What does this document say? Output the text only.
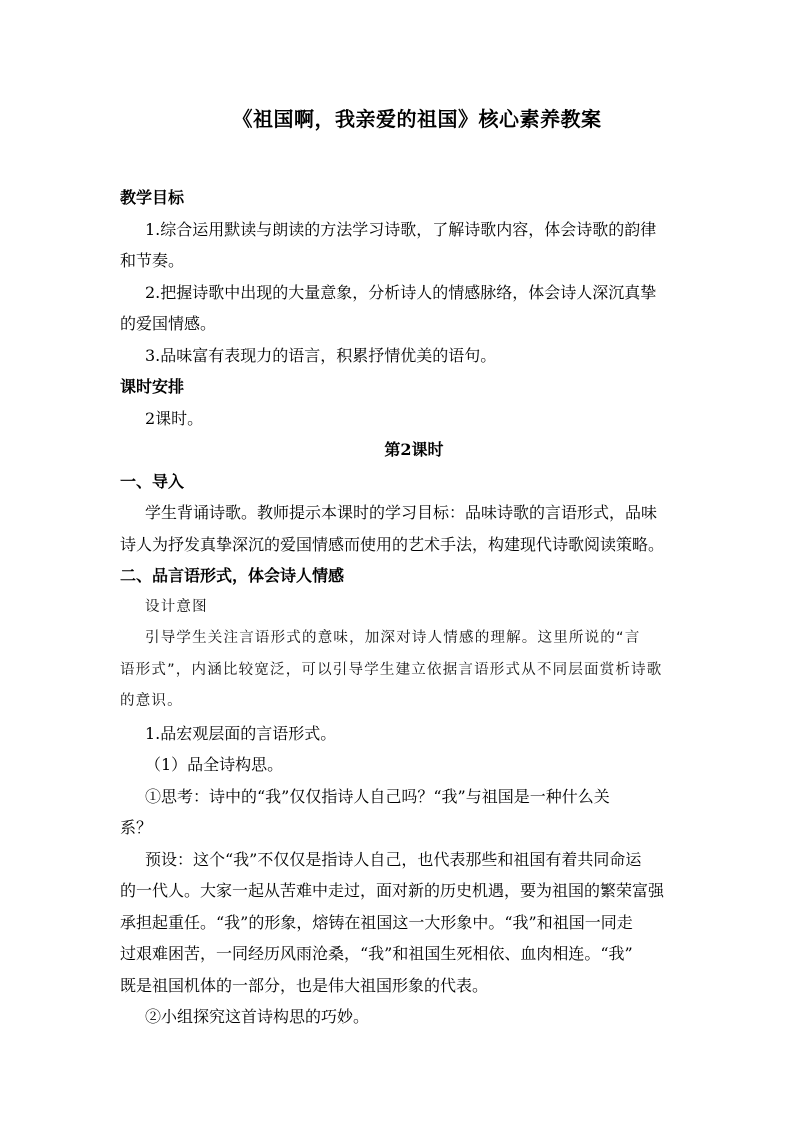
《祖国啊，我亲爱的祖国》核心素养教案
教学目标
1.综合运用默读与朗读的方法学习诗歌，了解诗歌内容，体会诗歌的韵律
和节奏。
2.把握诗歌中出现的大量意象，分析诗人的情感脉络，体会诗人深沉真挚
的爱国情感。
3.品味富有表现力的语言，积累抒情优美的语句。
课时安排
2课时。
第2课时
一、导入
学生背诵诗歌。教师提示本课时的学习目标：品味诗歌的言语形式，品味
诗人为抒发真挚深沉的爱国情感而使用的艺术手法，构建现代诗歌阅读策略。
二、品言语形式，体会诗人情感
设计意图
引导学生关注言语形式的意味，加深对诗人情感的理解。这里所说的“言
语形式”，内涵比较宽泛，可以引导学生建立依据言语形式从不同层面赏析诗歌
的意识。
1.品宏观层面的言语形式。
（1）品全诗构思。
①思考：诗中的“我”仅仅指诗人自己吗？“我”与祖国是一种什么关
系？
预设：这个“我”不仅仅是指诗人自己，也代表那些和祖国有着共同命运
的一代人。大家一起从苦难中走过，面对新的历史机遇，要为祖国的繁荣富强
承担起重任。“我”的形象，熔铸在祖国这一大形象中。“我”和祖国一同走
过艰难困苦，一同经历风雨沧桑，“我”和祖国生死相依、血肉相连。“我”
既是祖国机体的一部分，也是伟大祖国形象的代表。
②小组探究这首诗构思的巧妙。
